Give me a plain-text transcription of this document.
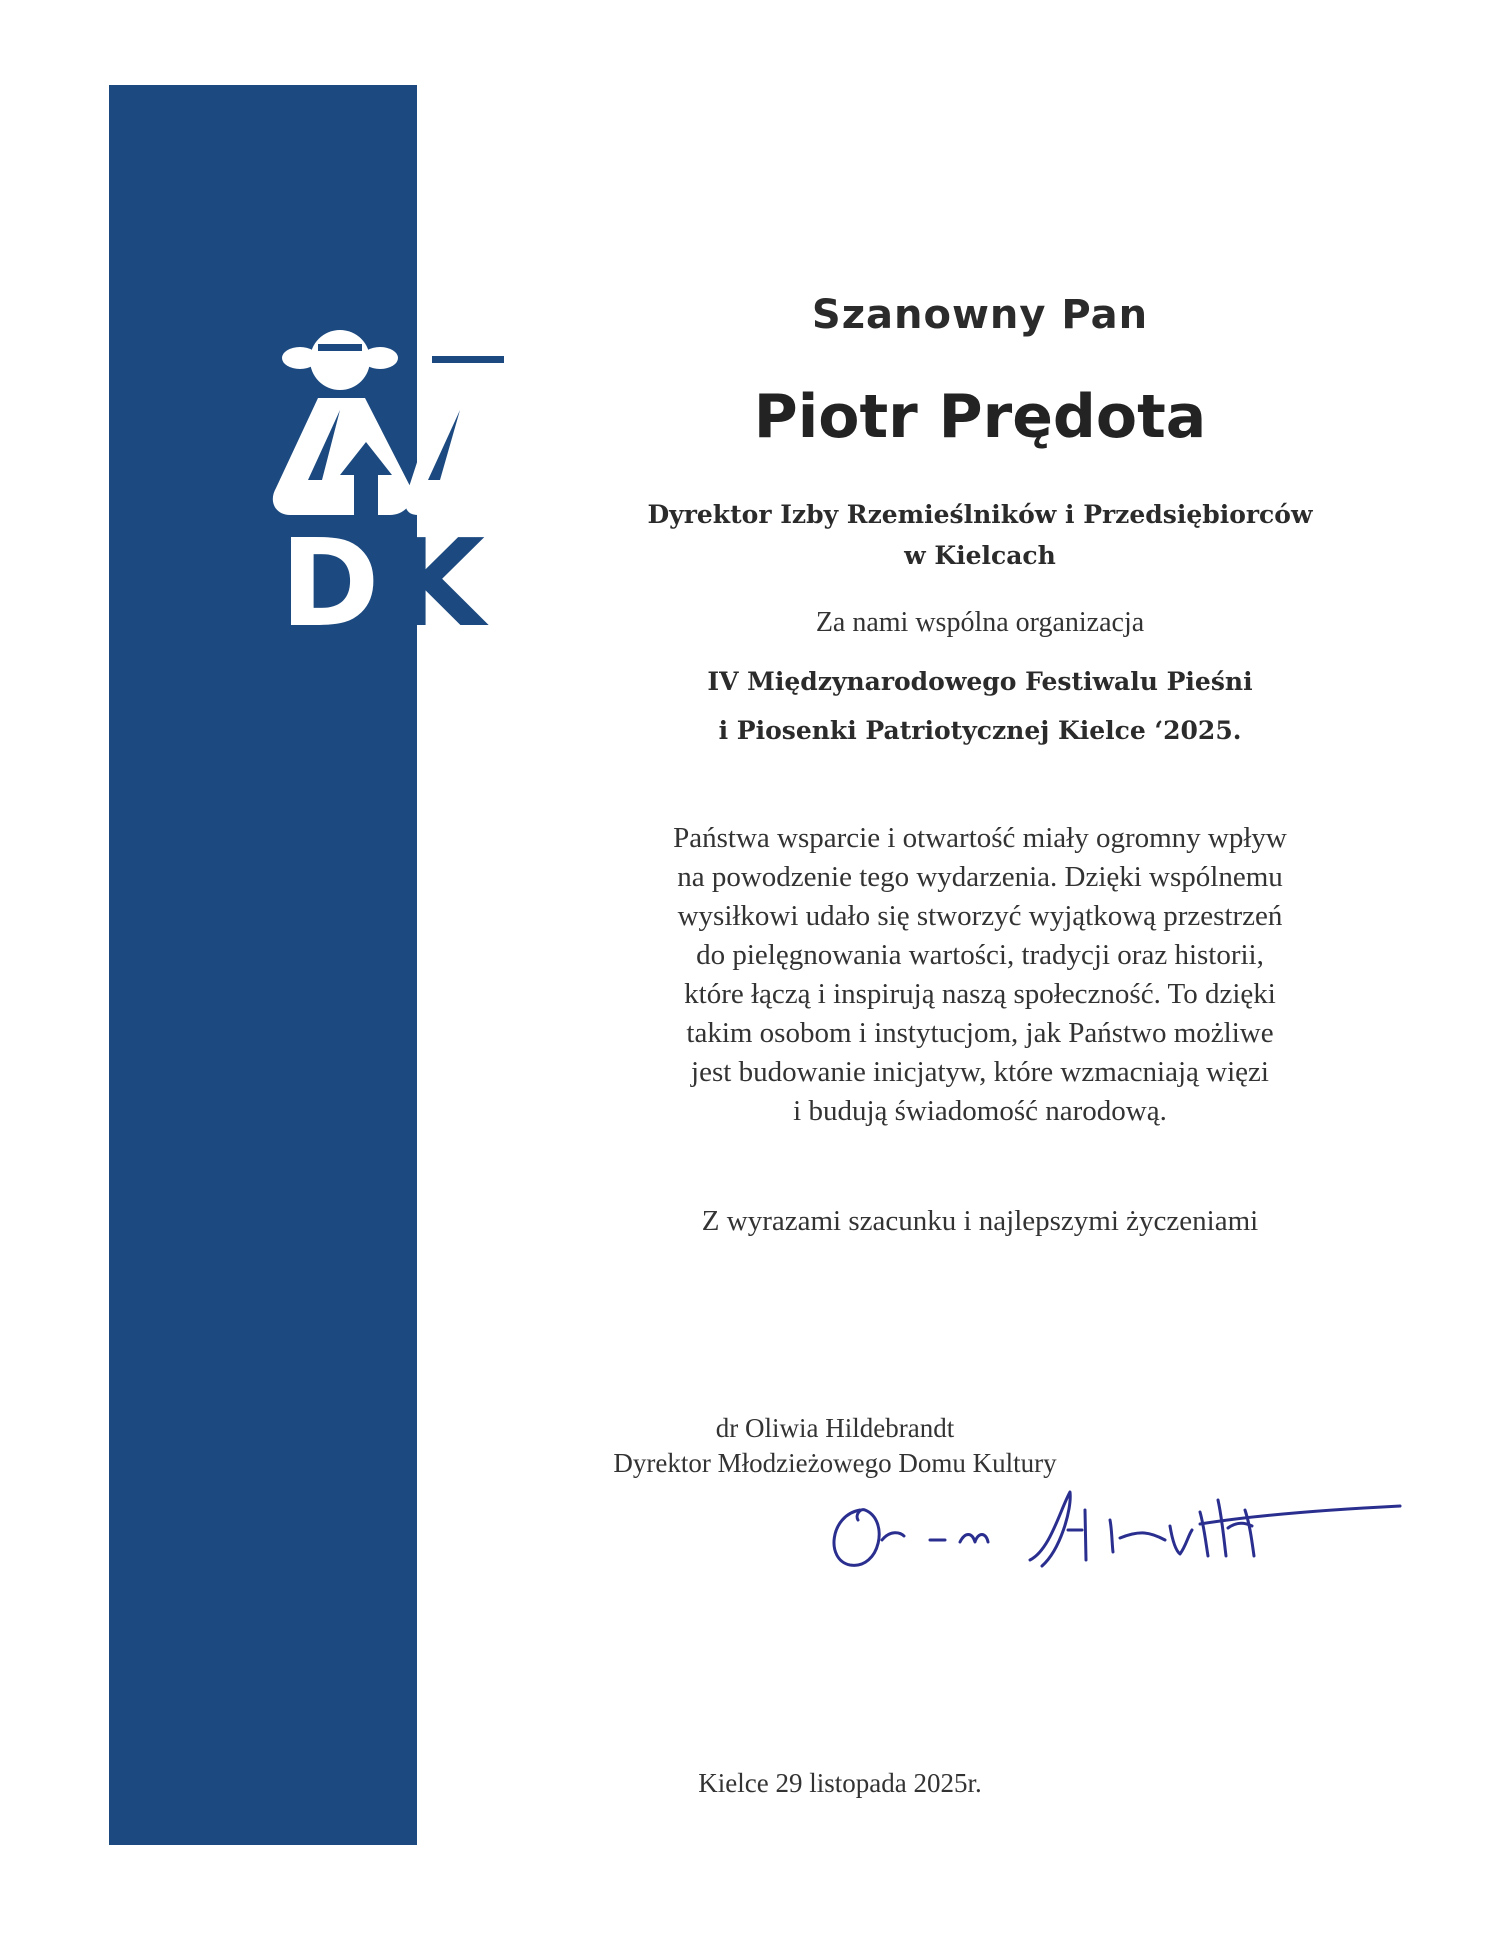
D K
Szanowny Pan
Piotr Prędota
Dyrektor Izby Rzemieślników i Przedsiębiorców
w Kielcach
Za nami wspólna organizacja
IV Międzynarodowego Festiwalu Pieśni
i Piosenki Patriotycznej Kielce ‘2025.
Państwa wsparcie i otwartość miały ogromny wpływ
na powodzenie tego wydarzenia. Dzięki wspólnemu
wysiłkowi udało się stworzyć wyjątkową przestrzeń
do pielęgnowania wartości, tradycji oraz historii,
które łączą i inspirują naszą społeczność. To dzięki
takim osobom i instytucjom, jak Państwo możliwe
jest budowanie inicjatyw, które wzmacniają więzi
i budują świadomość narodową.
Z wyrazami szacunku i najlepszymi życzeniami
dr Oliwia Hildebrandt
Dyrektor Młodzieżowego Domu Kultury
Kielce 29 listopada 2025r.
